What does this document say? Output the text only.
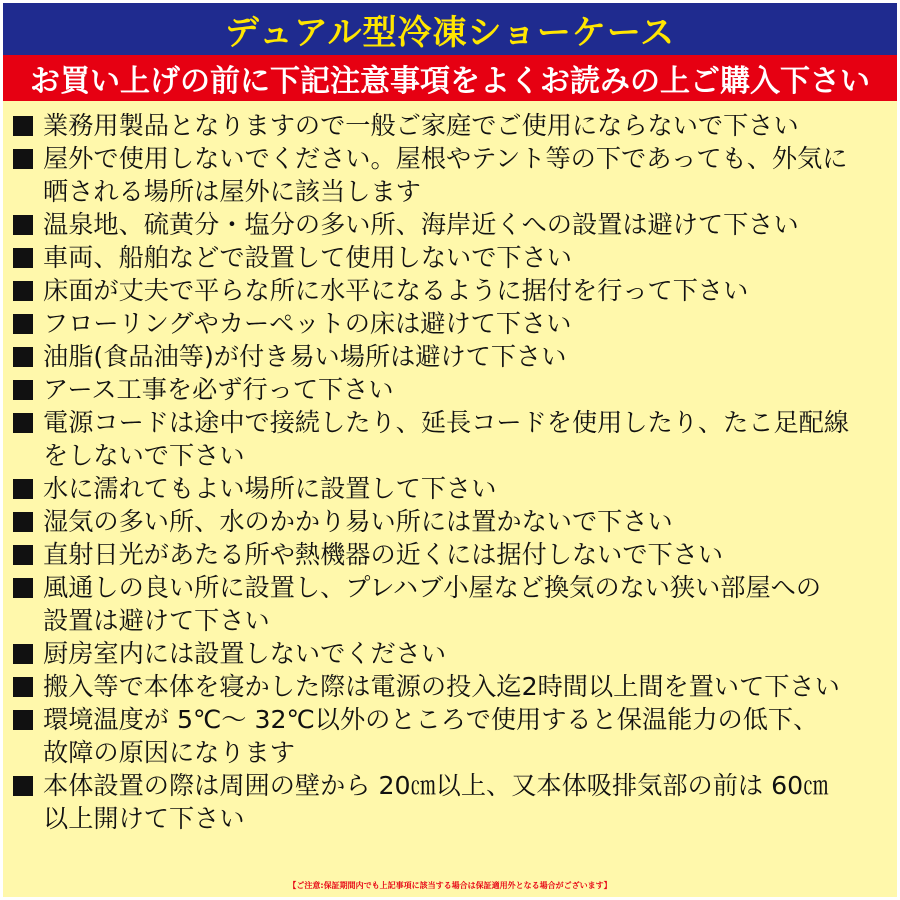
デュアル型冷凍ショーケース
お買い上げの前に下記注意事項をよくお読みの上ご購入下さい
業務用製品となりますので一般ご家庭でご使用にならないで下さい
屋外で使用しないでください。屋根やテント等の下であっても、外気に
晒される場所は屋外に該当します
温泉地、硫黄分・塩分の多い所、海岸近くへの設置は避けて下さい
車両、船舶などで設置して使用しないで下さい
床面が丈夫で平らな所に水平になるように据付を行って下さい
フローリングやカーペットの床は避けて下さい
油脂(食品油等)が付き易い場所は避けて下さい
アース工事を必ず行って下さい
電源コードは途中で接続したり、延長コードを使用したり、たこ足配線
をしないで下さい
水に濡れてもよい場所に設置して下さい
湿気の多い所、水のかかり易い所には置かないで下さい
直射日光があたる所や熱機器の近くには据付しないで下さい
風通しの良い所に設置し、プレハブ小屋など換気のない狭い部屋への
設置は避けて下さい
厨房室内には設置しないでください
搬入等で本体を寝かした際は電源の投入迄2時間以上間を置いて下さい
環境温度が 5℃〜 32℃以外のところで使用すると保温能力の低下、
故障の原因になります
本体設置の際は周囲の壁から 20㎝以上、又本体吸排気部の前は 60㎝
以上開けて下さい
【ご注意:保証期間内でも上記事項に該当する場合は保証適用外となる場合がございます】
